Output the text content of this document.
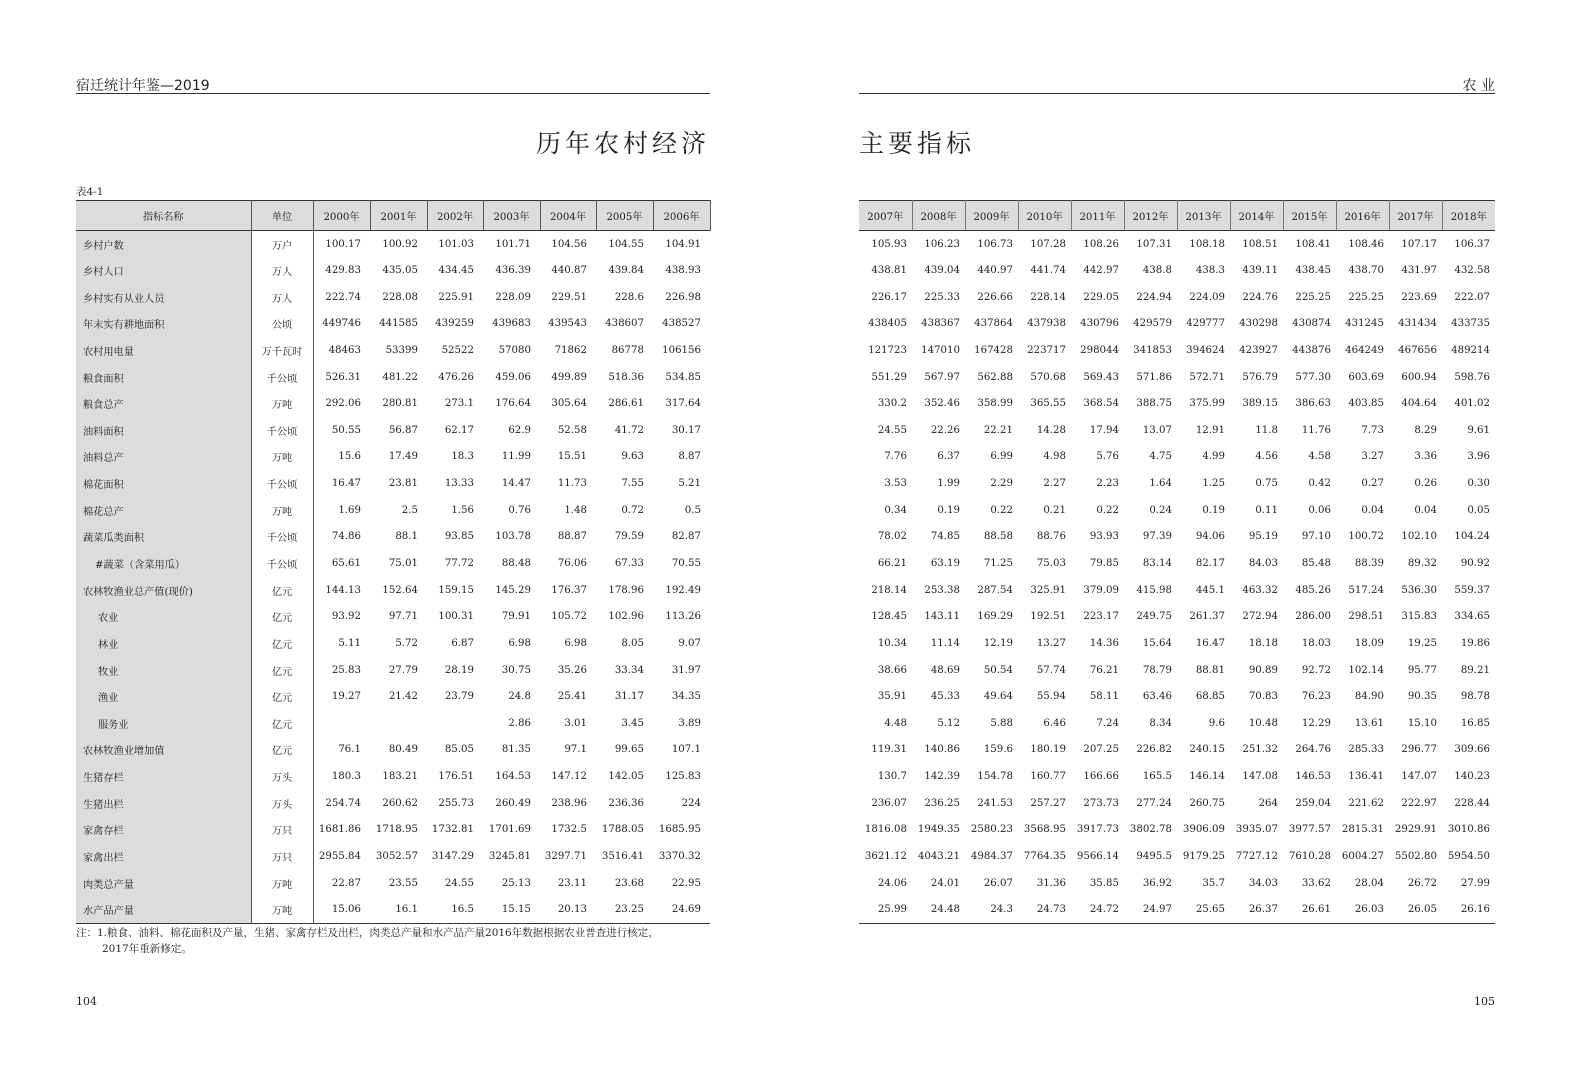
宿迁统计年鉴—2019
历年农村经济
表4-1
指标名称	单位	2000年	2001年	2002年	2003年	2004年	2005年	2006年
乡村户数	万户	100.17	100.92	101.03	101.71	104.56	104.55	104.91
乡村人口	万人	429.83	435.05	434.45	436.39	440.87	439.84	438.93
乡村实有从业人员	万人	222.74	228.08	225.91	228.09	229.51	228.6	226.98
年末实有耕地面积	公顷	449746	441585	439259	439683	439543	438607	438527
农村用电量	万千瓦时	48463	53399	52522	57080	71862	86778	106156
粮食面积	千公顷	526.31	481.22	476.26	459.06	499.89	518.36	534.85
粮食总产	万吨	292.06	280.81	273.1	176.64	305.64	286.61	317.64
油料面积	千公顷	50.55	56.87	62.17	62.9	52.58	41.72	30.17
油料总产	万吨	15.6	17.49	18.3	11.99	15.51	9.63	8.87
棉花面积	千公顷	16.47	23.81	13.33	14.47	11.73	7.55	5.21
棉花总产	万吨	1.69	2.5	1.56	0.76	1.48	0.72	0.5
蔬菜瓜类面积	千公顷	74.86	88.1	93.85	103.78	88.87	79.59	82.87
#蔬菜（含菜用瓜）	千公顷	65.61	75.01	77.72	88.48	76.06	67.33	70.55
农林牧渔业总产值(现价)	亿元	144.13	152.64	159.15	145.29	176.37	178.96	192.49
农业	亿元	93.92	97.71	100.31	79.91	105.72	102.96	113.26
林业	亿元	5.11	5.72	6.87	6.98	6.98	8.05	9.07
牧业	亿元	25.83	27.79	28.19	30.75	35.26	33.34	31.97
渔业	亿元	19.27	21.42	23.79	24.8	25.41	31.17	34.35
服务业	亿元				2.86	3.01	3.45	3.89
农林牧渔业增加值	亿元	76.1	80.49	85.05	81.35	97.1	99.65	107.1
生猪存栏	万头	180.3	183.21	176.51	164.53	147.12	142.05	125.83
生猪出栏	万头	254.74	260.62	255.73	260.49	238.96	236.36	224
家禽存栏	万只	1681.86	1718.95	1732.81	1701.69	1732.5	1788.05	1685.95
家禽出栏	万只	2955.84	3052.57	3147.29	3245.81	3297.71	3516.41	3370.32
肉类总产量	万吨	22.87	23.55	24.55	25.13	23.11	23.68	22.95
水产品产量	万吨	15.06	16.1	16.5	15.15	20.13	23.25	24.69
注：1.粮食、油料、棉花面积及产量，生猪、家禽存栏及出栏，肉类总产量和水产品产量2016年数据根据农业普查进行核定，
2017年重新修定。
104
农 业
主要指标
2007年	2008年	2009年	2010年	2011年	2012年	2013年	2014年	2015年	2016年	2017年	2018年
105.93	106.23	106.73	107.28	108.26	107.31	108.18	108.51	108.41	108.46	107.17	106.37
438.81	439.04	440.97	441.74	442.97	438.8	438.3	439.11	438.45	438.70	431.97	432.58
226.17	225.33	226.66	228.14	229.05	224.94	224.09	224.76	225.25	225.25	223.69	222.07
438405	438367	437864	437938	430796	429579	429777	430298	430874	431245	431434	433735
121723	147010	167428	223717	298044	341853	394624	423927	443876	464249	467656	489214
551.29	567.97	562.88	570.68	569.43	571.86	572.71	576.79	577.30	603.69	600.94	598.76
330.2	352.46	358.99	365.55	368.54	388.75	375.99	389.15	386.63	403.85	404.64	401.02
24.55	22.26	22.21	14.28	17.94	13.07	12.91	11.8	11.76	7.73	8.29	9.61
7.76	6.37	6.99	4.98	5.76	4.75	4.99	4.56	4.58	3.27	3.36	3.96
3.53	1.99	2.29	2.27	2.23	1.64	1.25	0.75	0.42	0.27	0.26	0.30
0.34	0.19	0.22	0.21	0.22	0.24	0.19	0.11	0.06	0.04	0.04	0.05
78.02	74.85	88.58	88.76	93.93	97.39	94.06	95.19	97.10	100.72	102.10	104.24
66.21	63.19	71.25	75.03	79.85	83.14	82.17	84.03	85.48	88.39	89.32	90.92
218.14	253.38	287.54	325.91	379.09	415.98	445.1	463.32	485.26	517.24	536.30	559.37
128.45	143.11	169.29	192.51	223.17	249.75	261.37	272.94	286.00	298.51	315.83	334.65
10.34	11.14	12.19	13.27	14.36	15.64	16.47	18.18	18.03	18.09	19.25	19.86
38.66	48.69	50.54	57.74	76.21	78.79	88.81	90.89	92.72	102.14	95.77	89.21
35.91	45.33	49.64	55.94	58.11	63.46	68.85	70.83	76.23	84.90	90.35	98.78
4.48	5.12	5.88	6.46	7.24	8.34	9.6	10.48	12.29	13.61	15.10	16.85
119.31	140.86	159.6	180.19	207.25	226.82	240.15	251.32	264.76	285.33	296.77	309.66
130.7	142.39	154.78	160.77	166.66	165.5	146.14	147.08	146.53	136.41	147.07	140.23
236.07	236.25	241.53	257.27	273.73	277.24	260.75	264	259.04	221.62	222.97	228.44
1816.08	1949.35	2580.23	3568.95	3917.73	3802.78	3906.09	3935.07	3977.57	2815.31	2929.91	3010.86
3621.12	4043.21	4984.37	7764.35	9566.14	9495.5	9179.25	7727.12	7610.28	6004.27	5502.80	5954.50
24.06	24.01	26.07	31.36	35.85	36.92	35.7	34.03	33.62	28.04	26.72	27.99
25.99	24.48	24.3	24.73	24.72	24.97	25.65	26.37	26.61	26.03	26.05	26.16
105
